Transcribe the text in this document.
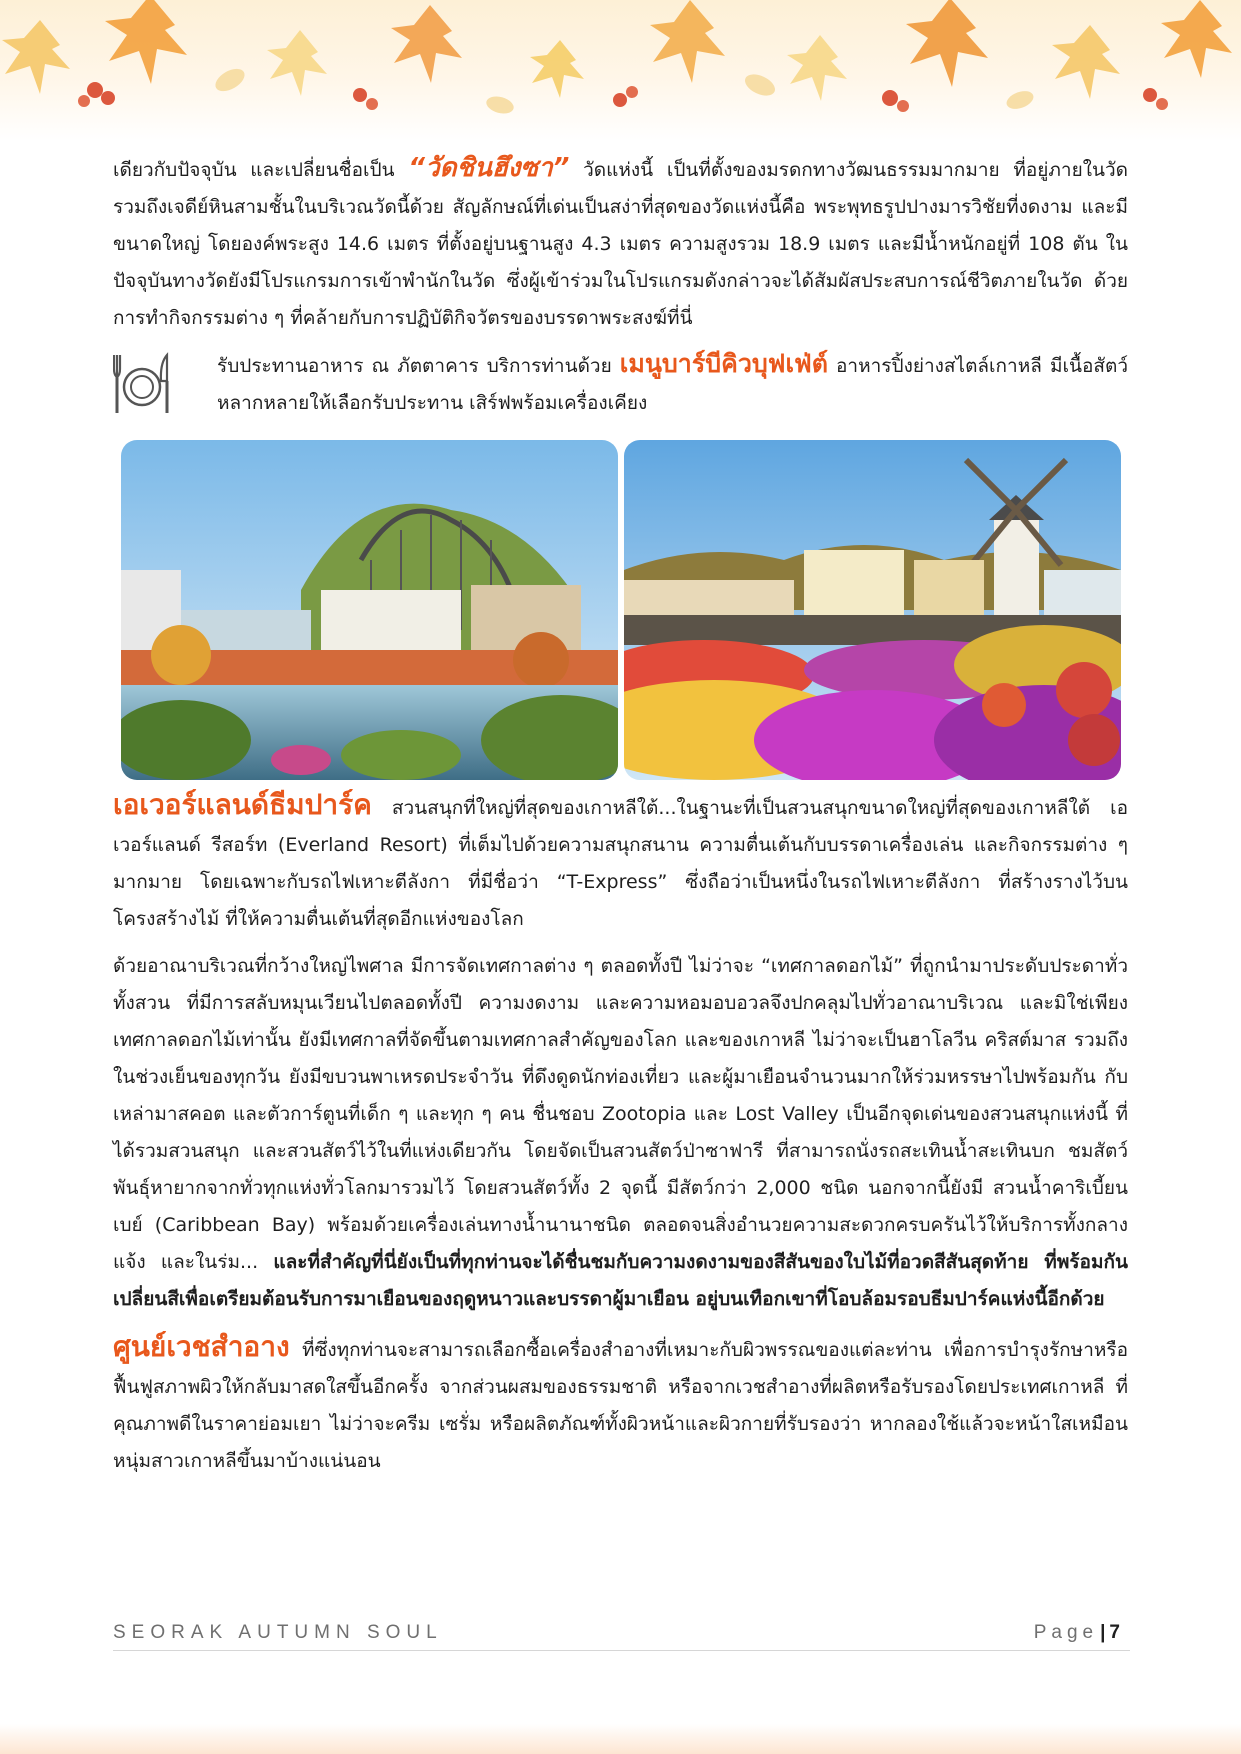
เดียวกับปัจจุบัน และเปลี่ยนชื่อเป็น “วัดชินฮึงซา” วัดแห่งนี้ เป็นที่ตั้งของมรดกทางวัฒนธรรมมากมาย ที่อยู่ภายในวัด รวมถึงเจดีย์หินสามชั้นในบริเวณวัดนี้ด้วย สัญลักษณ์ที่เด่นเป็นสง่าที่สุดของวัดแห่งนี้คือ พระพุทธรูปปางมารวิชัยที่งดงาม และมีขนาดใหญ่ โดยองค์พระสูง 14.6 เมตร ที่ตั้งอยู่บนฐานสูง 4.3 เมตร ความสูงรวม 18.9 เมตร และมีน้ำหนักอยู่ที่ 108 ตัน ในปัจจุบันทางวัดยังมีโปรแกรมการเข้าพำนักในวัด ซึ่งผู้เข้าร่วมในโปรแกรมดังกล่าวจะได้สัมผัสประสบการณ์ชีวิตภายในวัด ด้วยการทำกิจกรรมต่าง ๆ ที่คล้ายกับการปฏิบัติกิจวัตรของบรรดาพระสงฆ์ที่นี่

รับประทานอาหาร ณ ภัตตาคาร บริการท่านด้วย เมนูบาร์บีคิวบุฟเฟ่ต์ อาหารปิ้งย่างสไตล์เกาหลี มีเนื้อสัตว์หลากหลายให้เลือกรับประทาน เสิร์ฟพร้อมเครื่องเคียง

เอเวอร์แลนด์ธีมปาร์ค สวนสนุกที่ใหญ่ที่สุดของเกาหลีใต้...ในฐานะที่เป็นสวนสนุกขนาดใหญ่ที่สุดของเกาหลีใต้ เอเวอร์แลนด์ รีสอร์ท (Everland Resort) ที่เต็มไปด้วยความสนุกสนาน ความตื่นเต้นกับบรรดาเครื่องเล่น และกิจกรรมต่าง ๆ มากมาย โดยเฉพาะกับรถไฟเหาะตีลังกา ที่มีชื่อว่า “T-Express” ซึ่งถือว่าเป็นหนึ่งในรถไฟเหาะตีลังกา ที่สร้างรางไว้บนโครงสร้างไม้ ที่ให้ความตื่นเต้นที่สุดอีกแห่งของโลก

ด้วยอาณาบริเวณที่กว้างใหญ่ไพศาล มีการจัดเทศกาลต่าง ๆ ตลอดทั้งปี ไม่ว่าจะ “เทศกาลดอกไม้” ที่ถูกนำมาประดับประดาทั่วทั้งสวน ที่มีการสลับหมุนเวียนไปตลอดทั้งปี ความงดงาม และความหอมอบอวลจึงปกคลุมไปทั่วอาณาบริเวณ และมิใช่เพียงเทศกาลดอกไม้เท่านั้น ยังมีเทศกาลที่จัดขึ้นตามเทศกาลสำคัญของโลก และของเกาหลี ไม่ว่าจะเป็นฮาโลวีน คริสต์มาส รวมถึงในช่วงเย็นของทุกวัน ยังมีขบวนพาเหรดประจำวัน ที่ดึงดูดนักท่องเที่ยว และผู้มาเยือนจำนวนมากให้ร่วมหรรษาไปพร้อมกัน กับเหล่ามาสคอต และตัวการ์ตูนที่เด็ก ๆ และทุก ๆ คน ชื่นชอบ Zootopia และ Lost Valley เป็นอีกจุดเด่นของสวนสนุกแห่งนี้ ที่ได้รวมสวนสนุก และสวนสัตว์ไว้ในที่แห่งเดียวกัน โดยจัดเป็นสวนสัตว์ป่าซาฟารี ที่สามารถนั่งรถสะเทินน้ำสะเทินบก ชมสัตว์พันธุ์หายากจากทั่วทุกแห่งทั่วโลกมารวมไว้ โดยสวนสัตว์ทั้ง 2 จุดนี้ มีสัตว์กว่า 2,000 ชนิด นอกจากนี้ยังมี สวนน้ำคาริเบี้ยน เบย์ (Caribbean Bay) พร้อมด้วยเครื่องเล่นทางน้ำนานาชนิด ตลอดจนสิ่งอำนวยความสะดวกครบครันไว้ให้บริการทั้งกลางแจ้ง และในร่ม... และที่สำคัญที่นี่ยังเป็นที่ทุกท่านจะได้ชื่นชมกับความงดงามของสีสันของใบไม้ที่อวดสีสันสุดท้าย ที่พร้อมกันเปลี่ยนสีเพื่อเตรียมต้อนรับการมาเยือนของฤดูหนาวและบรรดาผู้มาเยือน อยู่บนเทือกเขาที่โอบล้อมรอบธีมปาร์คแห่งนี้อีกด้วย

ศูนย์เวชสำอาง ที่ซึ่งทุกท่านจะสามารถเลือกซื้อเครื่องสำอางที่เหมาะกับผิวพรรณของแต่ละท่าน เพื่อการบำรุงรักษาหรือฟื้นฟูสภาพผิวให้กลับมาสดใสขึ้นอีกครั้ง จากส่วนผสมของธรรมชาติ หรือจากเวชสำอางที่ผลิตหรือรับรองโดยประเทศเกาหลี ที่คุณภาพดีในราคาย่อมเยา ไม่ว่าจะครีม เซรั่ม หรือผลิตภัณฑ์ทั้งผิวหน้าและผิวกายที่รับรองว่า หากลองใช้แล้วจะหน้าใสเหมือนหนุ่มสาวเกาหลีขึ้นมาบ้างแน่นอน

SEORAK AUTUMN SOUL	Page | 7
